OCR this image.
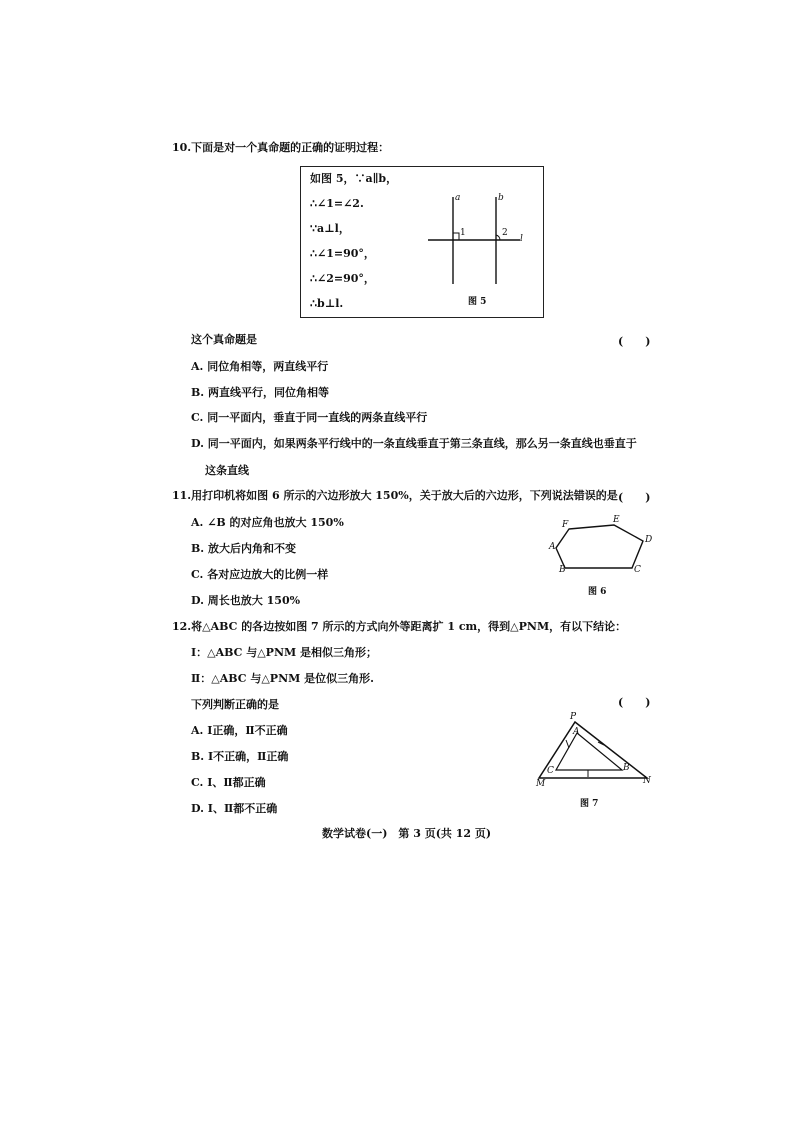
10.下面是对一个真命题的正确的证明过程：
如图 5，∵a∥b，
∴∠1=∠2.
∵a⊥l，
∴∠1=90°，
∴∠2=90°，
∴b⊥l.
a	b
1	2
l
图 5
这个真命题是	(　　)
A. 同位角相等，两直线平行
B. 两直线平行，同位角相等
C. 同一平面内，垂直于同一直线的两条直线平行
D. 同一平面内，如果两条平行线中的一条直线垂直于第三条直线，那么另一条直线也垂直于
这条直线
11.用打印机将如图 6 所示的六边形放大 150%，关于放大后的六边形，下列说法错误的是 (　　)
A. ∠B 的对应角也放大 150%
B. 放大后内角和不变
C. 各对应边放大的比例一样
D. 周长也放大 150%
F	E
D
A
B	C
图 6
12.将△ABC 的各边按如图 7 所示的方式向外等距离扩 1 cm，得到△PNM，有以下结论：
Ⅰ：△ABC 与△PNM 是相似三角形；
Ⅱ：△ABC 与△PNM 是位似三角形.
下列判断正确的是	(　　)
A. Ⅰ正确，Ⅱ不正确
B. Ⅰ不正确，Ⅱ正确
C. Ⅰ、Ⅱ都正确
D. Ⅰ、Ⅱ都不正确
P
A
C	B
M	N
图 7
数学试卷(一)　第 3 页(共 12 页)
